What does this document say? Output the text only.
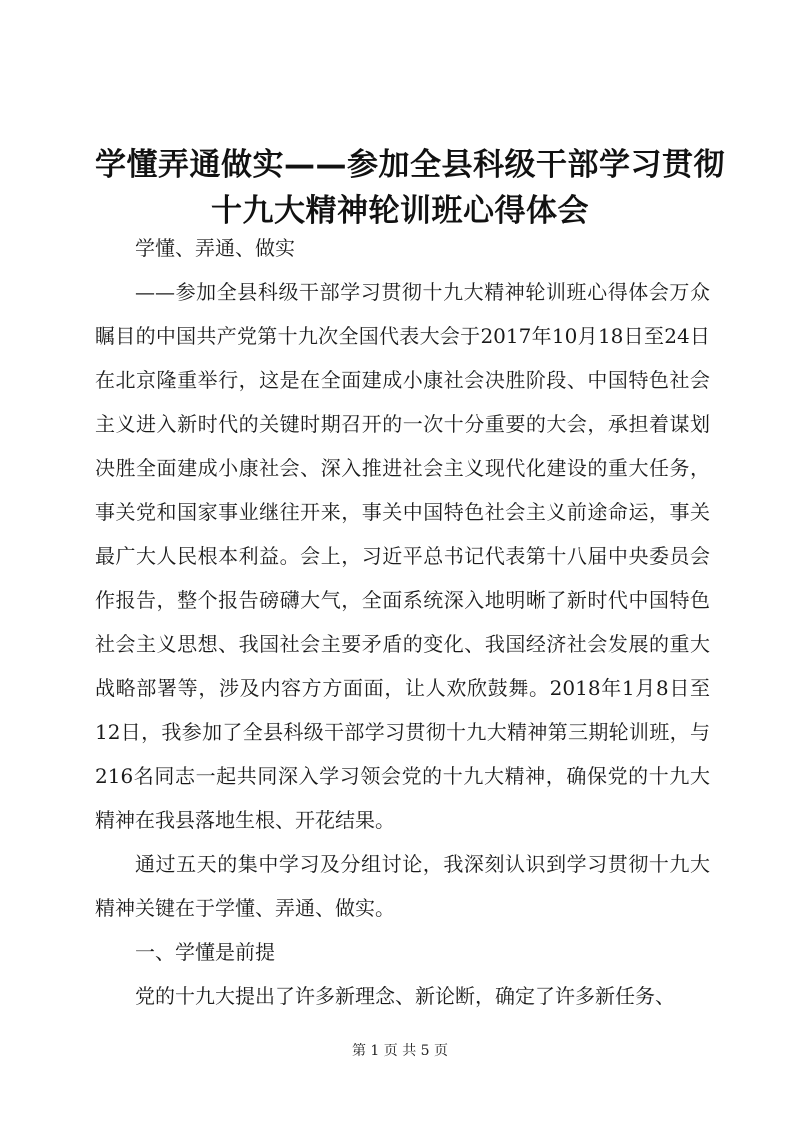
学懂弄通做实——参加全县科级干部学习贯彻
十九大精神轮训班心得体会

学懂、弄通、做实

——参加全县科级干部学习贯彻十九大精神轮训班心得体会万众瞩目的中国共产党第十九次全国代表大会于2017年10月18日至24日在北京隆重举行，这是在全面建成小康社会决胜阶段、中国特色社会主义进入新时代的关键时期召开的一次十分重要的大会，承担着谋划决胜全面建成小康社会、深入推进社会主义现代化建设的重大任务，事关党和国家事业继往开来，事关中国特色社会主义前途命运，事关最广大人民根本利益。会上，习近平总书记代表第十八届中央委员会作报告，整个报告磅礴大气，全面系统深入地明晰了新时代中国特色社会主义思想、我国社会主要矛盾的变化、我国经济社会发展的重大战略部署等，涉及内容方方面面，让人欢欣鼓舞。2018年1月8日至12日，我参加了全县科级干部学习贯彻十九大精神第三期轮训班，与216名同志一起共同深入学习领会党的十九大精神，确保党的十九大精神在我县落地生根、开花结果。

通过五天的集中学习及分组讨论，我深刻认识到学习贯彻十九大精神关键在于学懂、弄通、做实。

一、学懂是前提

党的十九大提出了许多新理念、新论断，确定了许多新任务、

第 1 页 共 5 页
